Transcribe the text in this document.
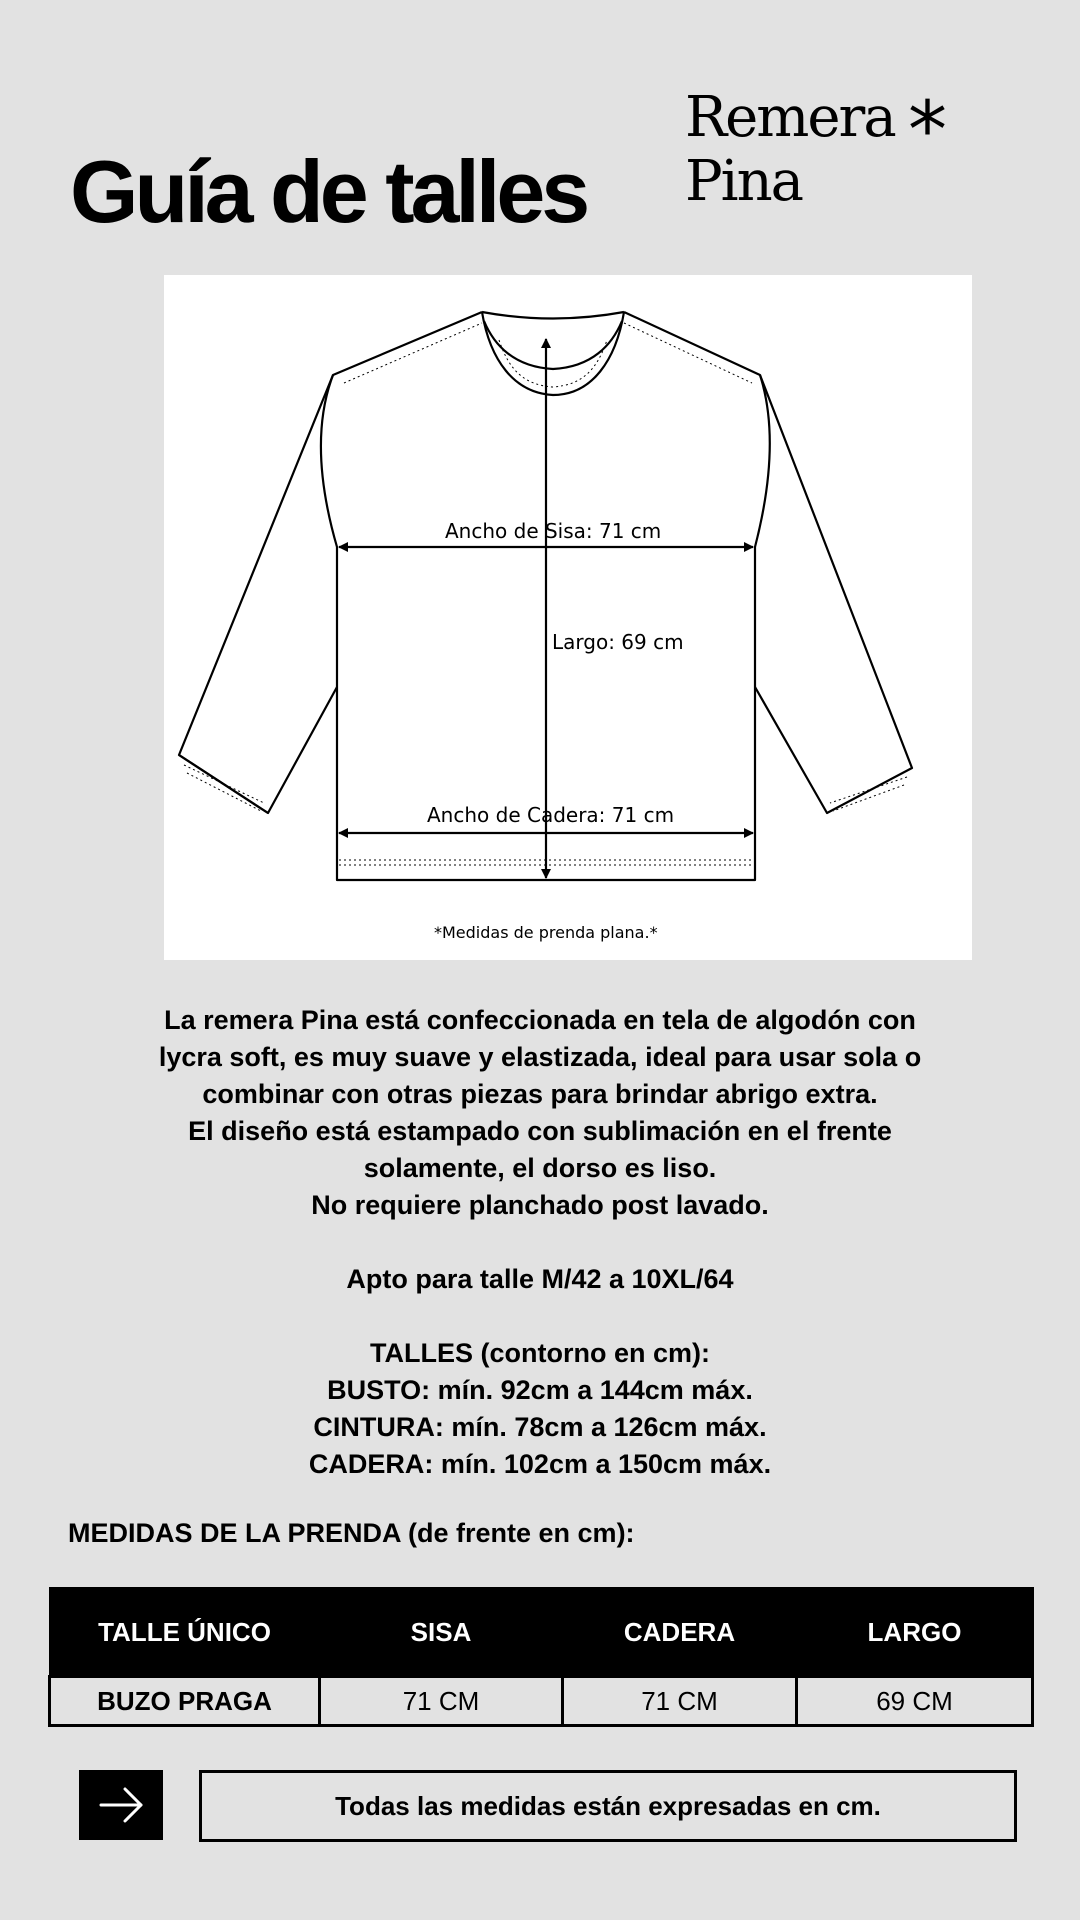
Guía de talles
Remera
Pina
*
Ancho de Sisa: 71 cm
Largo: 69 cm
Ancho de Cadera: 71 cm
*Medidas de prenda plana.*

La remera Pina está confeccionada en tela de algodón con

lycra soft, es muy suave y elastizada, ideal para usar sola o

combinar con otras piezas para brindar abrigo extra.

El diseño está estampado con sublimación en el frente

solamente, el dorso es liso.

No requiere planchado post lavado.

Apto para talle M/42 a 10XL/64

TALLES (contorno en cm):

BUSTO: mín. 92cm a 144cm máx.

CINTURA: mín. 78cm a 126cm máx.

CADERA: mín. 102cm a 150cm máx.

MEDIDAS DE LA PRENDA (de frente en cm):
TALLE ÚNICO	SISA	CADERA	LARGO
BUZO PRAGA	71 CM	71 CM	69 CM
Todas las medidas están expresadas en cm.
